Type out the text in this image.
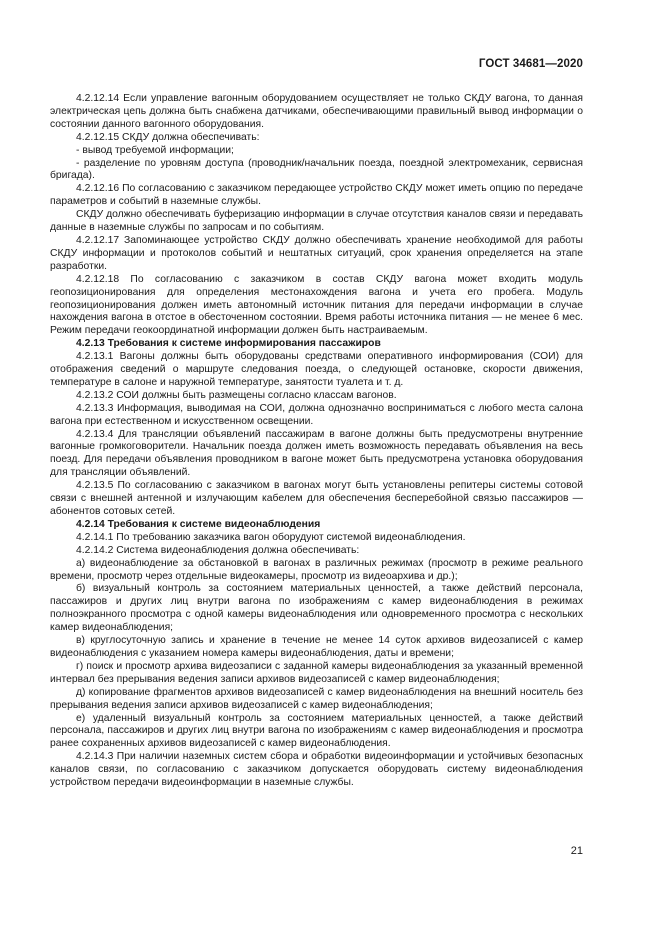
ГОСТ 34681—2020

4.2.12.14 Если управление вагонным оборудованием осуществляет не только СКДУ вагона, то данная электрическая цепь должна быть снабжена датчиками, обеспечивающими правильный вывод информации о состоянии данного вагонного оборудования.

4.2.12.15 СКДУ должна обеспечивать:

- вывод требуемой информации;

- разделение по уровням доступа (проводник/начальник поезда, поездной электромеханик, сервисная бригада).

4.2.12.16 По согласованию с заказчиком передающее устройство СКДУ может иметь опцию по передаче параметров и событий в наземные службы.

СКДУ должно обеспечивать буферизацию информации в случае отсутствия каналов связи и передавать данные в наземные службы по запросам и по событиям.

4.2.12.17 Запоминающее устройство СКДУ должно обеспечивать хранение необходимой для работы СКДУ информации и протоколов событий и нештатных ситуаций, срок хранения определяется на этапе разработки.

4.2.12.18 По согласованию с заказчиком в состав СКДУ вагона может входить модуль геопозиционирования для определения местонахождения вагона и учета его пробега. Модуль геопозиционирования должен иметь автономный источник питания для передачи информации в случае нахождения вагона в отстое в обесточенном состоянии. Время работы источника питания — не менее 6 мес. Режим передачи геокоординатной информации должен быть настраиваемым.

4.2.13 Требования к системе информирования пассажиров

4.2.13.1 Вагоны должны быть оборудованы средствами оперативного информирования (СОИ) для отображения сведений о маршруте следования поезда, о следующей остановке, скорости движения, температуре в салоне и наружной температуре, занятости туалета и т. д.

4.2.13.2 СОИ должны быть размещены согласно классам вагонов.

4.2.13.3 Информация, выводимая на СОИ, должна однозначно восприниматься с любого места салона вагона при естественном и искусственном освещении.

4.2.13.4 Для трансляции объявлений пассажирам в вагоне должны быть предусмотрены внутренние вагонные громкоговорители. Начальник поезда должен иметь возможность передавать объявления на весь поезд. Для передачи объявления проводником в вагоне может быть предусмотрена установка оборудования для трансляции объявлений.

4.2.13.5 По согласованию с заказчиком в вагонах могут быть установлены репитеры системы сотовой связи с внешней антенной и излучающим кабелем для обеспечения бесперебойной связью пассажиров — абонентов сотовых сетей.

4.2.14 Требования к системе видеонаблюдения

4.2.14.1 По требованию заказчика вагон оборудуют системой видеонаблюдения.

4.2.14.2 Система видеонаблюдения должна обеспечивать:

а) видеонаблюдение за обстановкой в вагонах в различных режимах (просмотр в режиме реального времени, просмотр через отдельные видеокамеры, просмотр из видеоархива и др.);

б) визуальный контроль за состоянием материальных ценностей, а также действий персонала, пассажиров и других лиц внутри вагона по изображениям с камер видеонаблюдения в режимах полноэкранного просмотра с одной камеры видеонаблюдения или одновременного просмотра с нескольких камер видеонаблюдения;

в) круглосуточную запись и хранение в течение не менее 14 суток архивов видеозаписей с камер видеонаблюдения с указанием номера камеры видеонаблюдения, даты и времени;

г) поиск и просмотр архива видеозаписи с заданной камеры видеонаблюдения за указанный временной интервал без прерывания ведения записи архивов видеозаписей с камер видеонаблюдения;

д) копирование фрагментов архивов видеозаписей с камер видеонаблюдения на внешний носитель без прерывания ведения записи архивов видеозаписей с камер видеонаблюдения;

е) удаленный визуальный контроль за состоянием материальных ценностей, а также действий персонала, пассажиров и других лиц внутри вагона по изображениям с камер видеонаблюдения и просмотра ранее сохраненных архивов видеозаписей с камер видеонаблюдения.

4.2.14.3 При наличии наземных систем сбора и обработки видеоинформации и устойчивых безопасных каналов связи, по согласованию с заказчиком допускается оборудовать систему видеонаблюдения устройством передачи видеоинформации в наземные службы.

21
